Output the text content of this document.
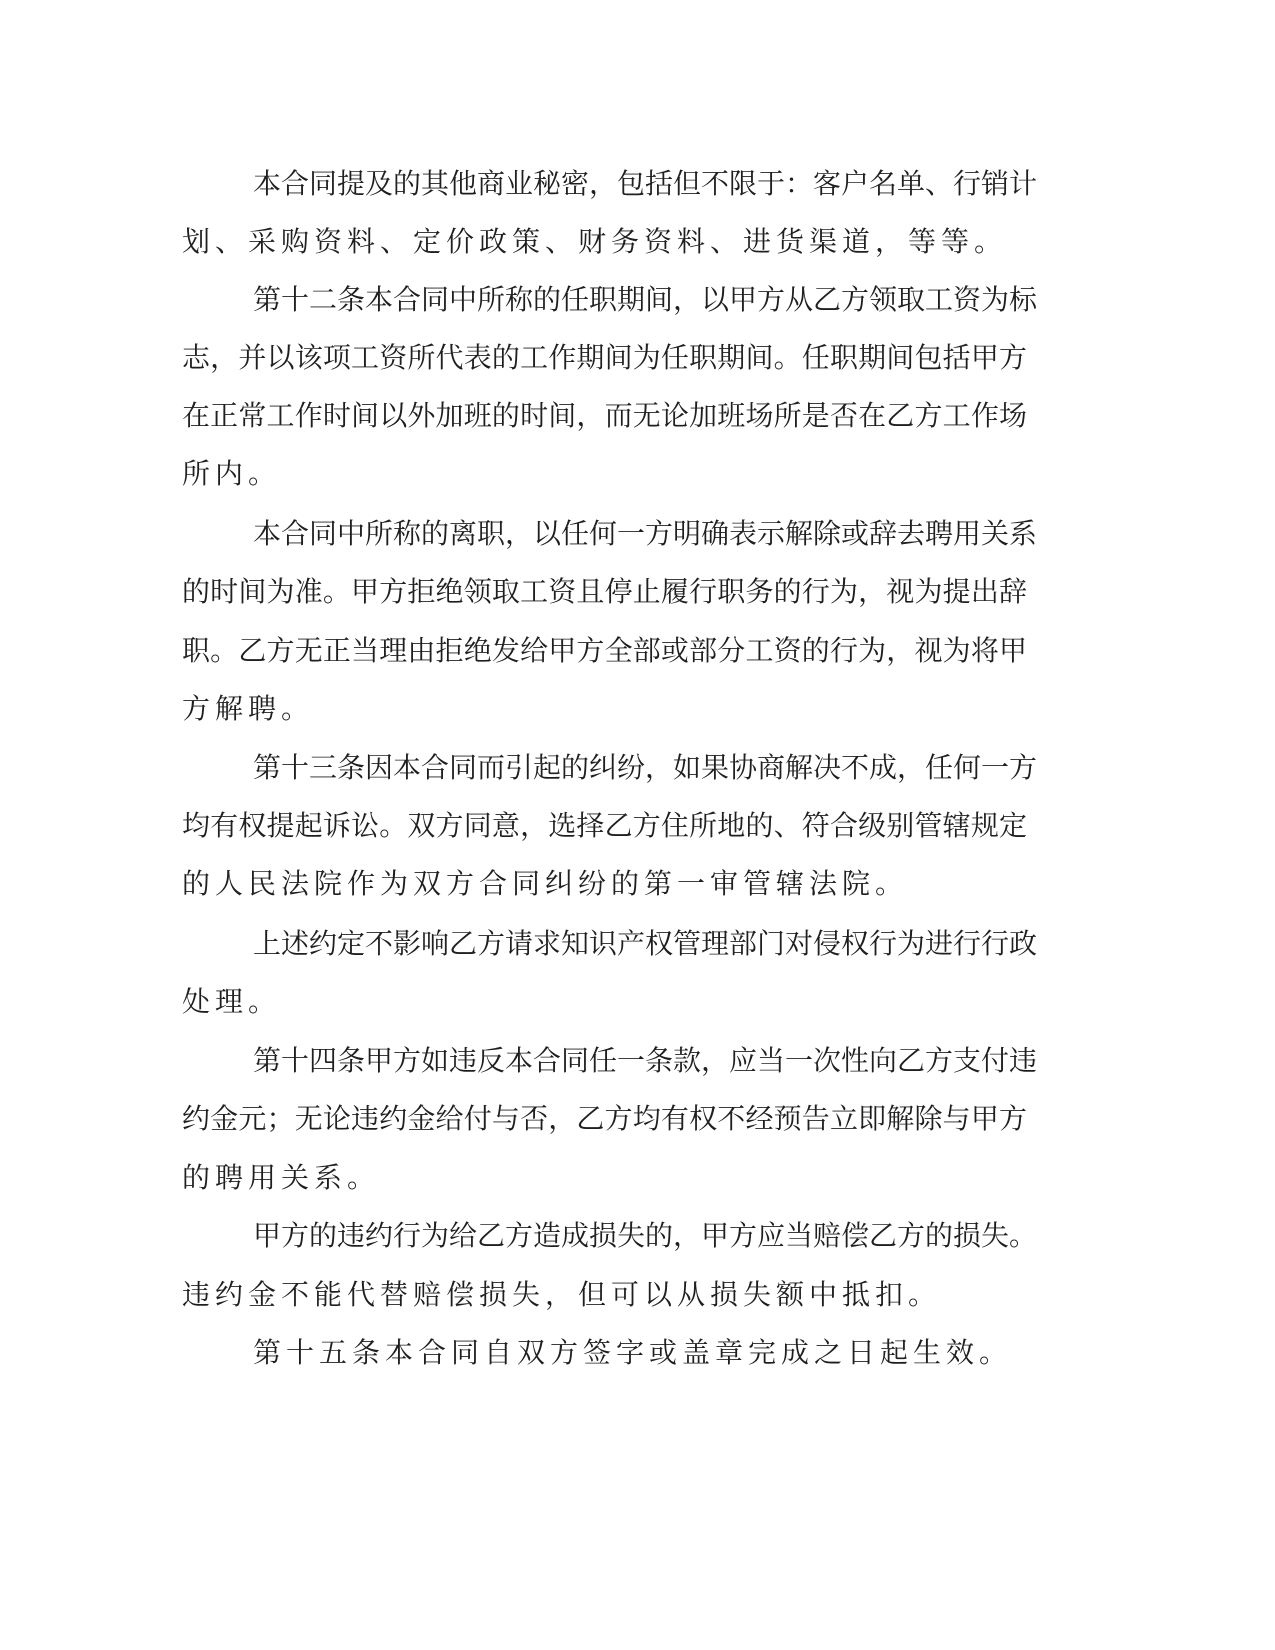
本合同提及的其他商业秘密，包括但不限于：客户名单、行销计
划、采购资料、定价政策、财务资料、进货渠道，等等。
第十二条本合同中所称的任职期间，以甲方从乙方领取工资为标
志，并以该项工资所代表的工作期间为任职期间。任职期间包括甲方
在正常工作时间以外加班的时间，而无论加班场所是否在乙方工作场
所内。
本合同中所称的离职，以任何一方明确表示解除或辞去聘用关系
的时间为准。甲方拒绝领取工资且停止履行职务的行为，视为提出辞
职。乙方无正当理由拒绝发给甲方全部或部分工资的行为，视为将甲
方解聘。
第十三条因本合同而引起的纠纷，如果协商解决不成，任何一方
均有权提起诉讼。双方同意，选择乙方住所地的、符合级别管辖规定
的人民法院作为双方合同纠纷的第一审管辖法院。
上述约定不影响乙方请求知识产权管理部门对侵权行为进行行政
处理。
第十四条甲方如违反本合同任一条款，应当一次性向乙方支付违
约金元；无论违约金给付与否，乙方均有权不经预告立即解除与甲方
的聘用关系。
甲方的违约行为给乙方造成损失的，甲方应当赔偿乙方的损失。
违约金不能代替赔偿损失，但可以从损失额中抵扣。
第十五条本合同自双方签字或盖章完成之日起生效。
